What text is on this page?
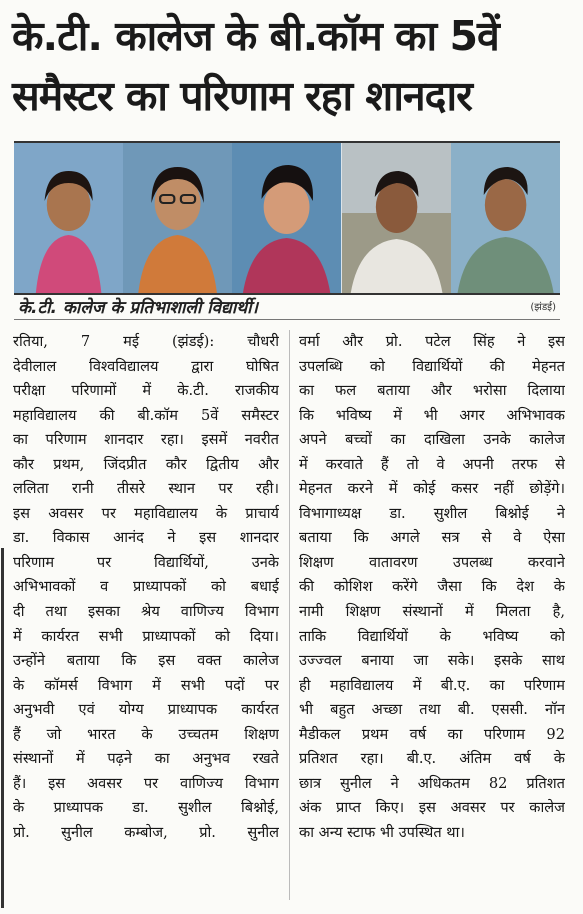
के.टी. कालेज के बी.कॉम का 5वें
समैस्टर का परिणाम रहा शानदार
के.टी. कालेज के प्रतिभाशाली विद्यार्थी।	(झंडई)
रतिया, 7 मई (झंडई): चौधरी
देवीलाल विश्वविद्यालय द्वारा घोषित
परीक्षा परिणामों में के.टी. राजकीय
महाविद्यालय की बी.कॉम 5वें समैस्टर
का परिणाम शानदार रहा। इसमें नवरीत
कौर प्रथम, जिंदप्रीत कौर द्वितीय और
ललिता रानी तीसरे स्थान पर रही।
इस अवसर पर महाविद्यालय के प्राचार्य
डा. विकास आनंद ने इस शानदार
परिणाम पर विद्यार्थियों, उनके
अभिभावकों व प्राध्यापकों को बधाई
दी तथा इसका श्रेय वाणिज्य विभाग
में कार्यरत सभी प्राध्यापकों को दिया।
उन्होंने बताया कि इस वक्त कालेज
के कॉमर्स विभाग में सभी पदों पर
अनुभवी एवं योग्य प्राध्यापक कार्यरत
हैं जो भारत के उच्चतम शिक्षण
संस्थानों में पढ़ने का अनुभव रखते
हैं। इस अवसर पर वाणिज्य विभाग
के प्राध्यापक डा. सुशील बिश्नोई,
प्रो. सुनील कम्बोज, प्रो. सुनील
वर्मा और प्रो. पटेल सिंह ने इस
उपलब्धि को विद्यार्थियों की मेहनत
का फल बताया और भरोसा दिलाया
कि भविष्य में भी अगर अभिभावक
अपने बच्चों का दाखिला उनके कालेज
में करवाते हैं तो वे अपनी तरफ से
मेहनत करने में कोई कसर नहीं छोड़ेंगे।
विभागाध्यक्ष डा. सुशील बिश्नोई ने
बताया कि अगले सत्र से वे ऐसा
शिक्षण वातावरण उपलब्ध करवाने
की कोशिश करेंगे जैसा कि देश के
नामी शिक्षण संस्थानों में मिलता है,
ताकि विद्यार्थियों के भविष्य को
उज्ज्वल बनाया जा सके। इसके साथ
ही महाविद्यालय में बी.ए. का परिणाम
भी बहुत अच्छा तथा बी. एससी. नॉन
मैडीकल प्रथम वर्ष का परिणाम 92
प्रतिशत रहा। बी.ए. अंतिम वर्ष के
छात्र सुनील ने अधिकतम 82 प्रतिशत
अंक प्राप्त किए। इस अवसर पर कालेज
का अन्य स्टाफ भी उपस्थित था।
